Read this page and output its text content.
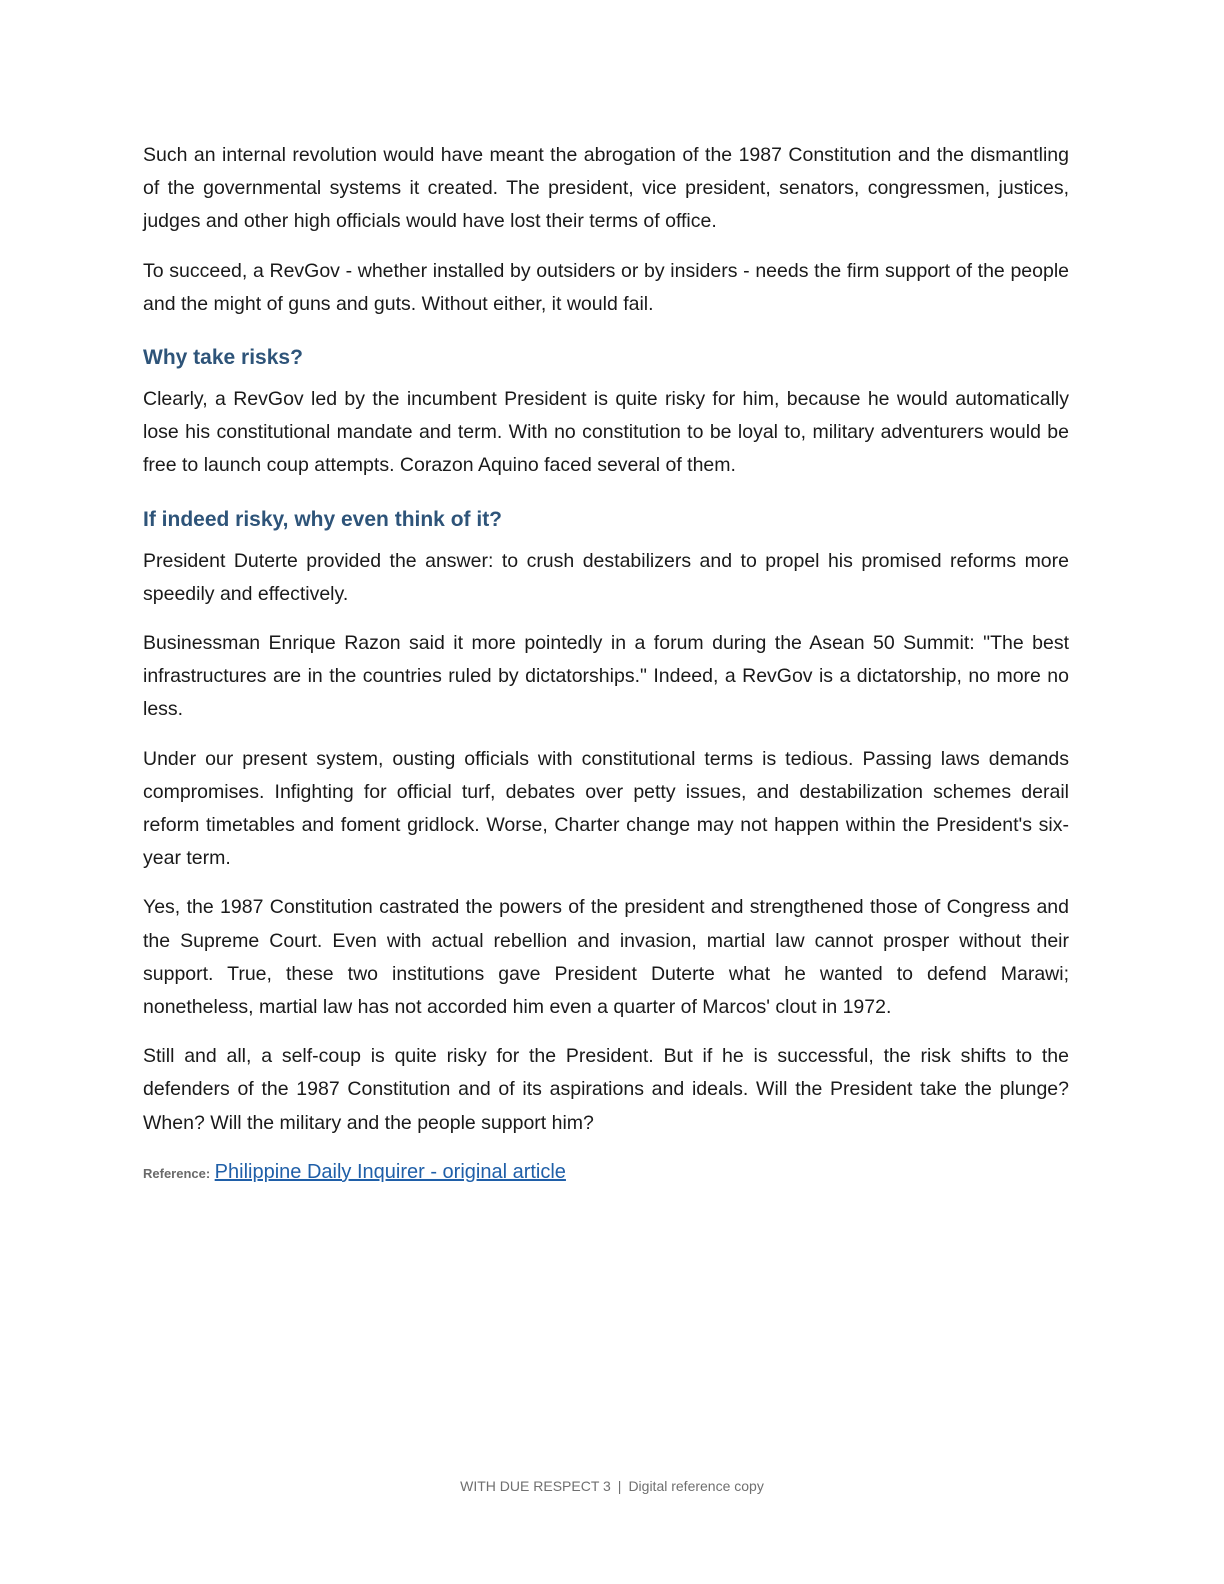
Such an internal revolution would have meant the abrogation of the 1987 Constitution and the dismantling of the governmental systems it created. The president, vice president, senators, congressmen, justices, judges and other high officials would have lost their terms of office.

To succeed, a RevGov - whether installed by outsiders or by insiders - needs the firm support of the people and the might of guns and guts. Without either, it would fail.

Why take risks?

Clearly, a RevGov led by the incumbent President is quite risky for him, because he would automatically lose his constitutional mandate and term. With no constitution to be loyal to, military adventurers would be free to launch coup attempts. Corazon Aquino faced several of them.

If indeed risky, why even think of it?

President Duterte provided the answer: to crush destabilizers and to propel his promised reforms more speedily and effectively.

Businessman Enrique Razon said it more pointedly in a forum during the Asean 50 Summit: "The best infrastructures are in the countries ruled by dictatorships." Indeed, a RevGov is a dictatorship, no more no less.

Under our present system, ousting officials with constitutional terms is tedious. Passing laws demands compromises. Infighting for official turf, debates over petty issues, and destabilization schemes derail reform timetables and foment gridlock. Worse, Charter change may not happen within the President's six-year term.

Yes, the 1987 Constitution castrated the powers of the president and strengthened those of Congress and the Supreme Court. Even with actual rebellion and invasion, martial law cannot prosper without their support. True, these two institutions gave President Duterte what he wanted to defend Marawi; nonetheless, martial law has not accorded him even a quarter of Marcos' clout in 1972.

Still and all, a self-coup is quite risky for the President. But if he is successful, the risk shifts to the defenders of the 1987 Constitution and of its aspirations and ideals. Will the President take the plunge? When? Will the military and the people support him?

Reference: Philippine Daily Inquirer - original article
WITH DUE RESPECT 3 | Digital reference copy
